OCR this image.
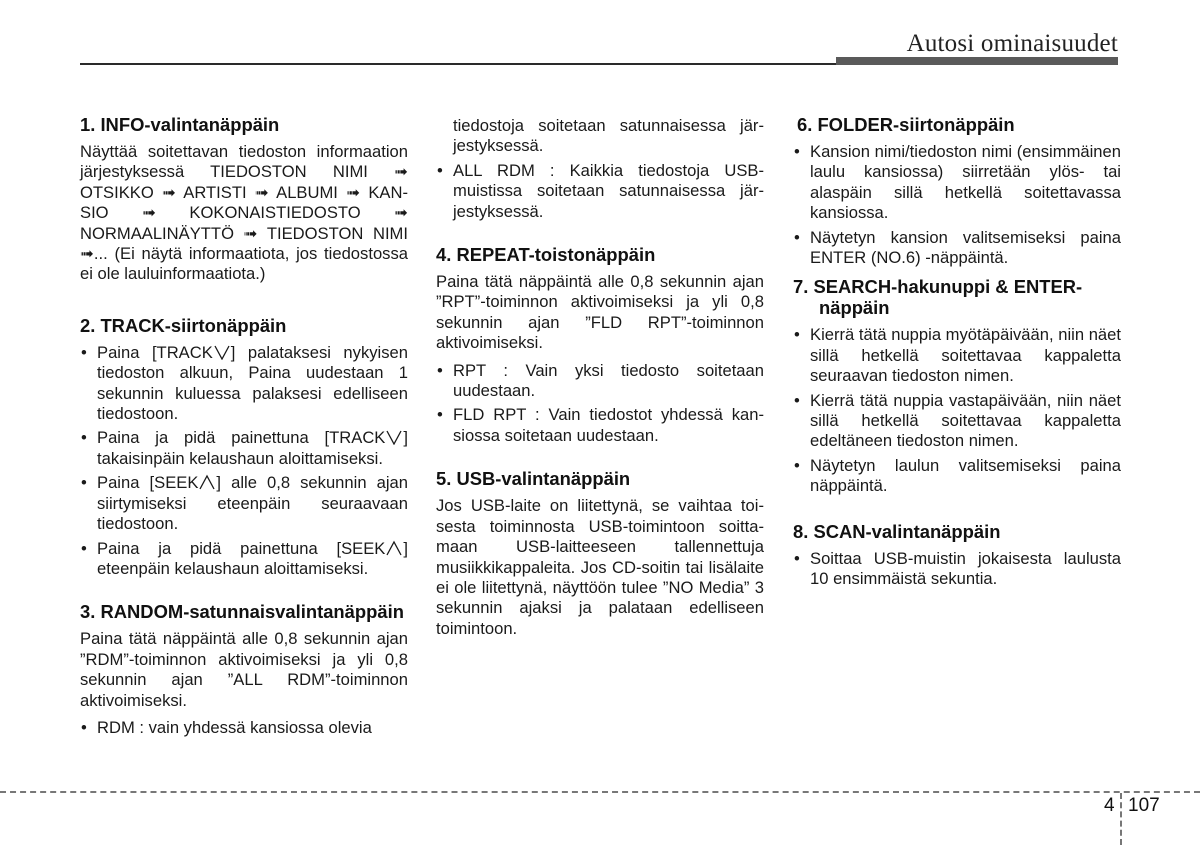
Autosi ominaisuudet
1. INFO-valintanäppäin

Näyttää soitettavan tiedoston informaation järjestyksessä TIEDOSTON NIMI ➟ OTSIKKO ➟ ARTISTI ➟ ALBUMI ➟ KANSIO ➟ KOKONAISTIEDOSTO ➟ NORMAALINÄYTTÖ ➟ TIEDOSTON NIMI ➟... (Ei näytä informaatiota, jos tiedostossa ei ole lauluinformaatiota.)

2. TRACK-siirtonäppäin
• Paina [TRACK ] palataksesi nykyisen tiedoston alkuun, Paina uudestaan 1 sekunnin kuluessa palaksesi edelliseen tiedostoon.
• Paina ja pidä painettuna [TRACK ] takaisinpäin kelaushaun aloittamiseksi.
• Paina [SEEK ] alle 0,8 sekunnin ajan siirtymiseksi eteenpäin seuraavaan tiedostoon.
• Paina ja pidä painettuna [SEEK ] eteenpäin kelaushaun aloittamiseksi.
3. RANDOM-satunnaisvalintanäppäin

Paina tätä näppäintä alle 0,8 sekunnin ajan ”RDM”-toiminnon aktivoimiseksi ja yli 0,8 sekunnin ajan ”ALL RDM”-toiminnon aktivoimiseksi.

• RDM : vain yhdessä kansiossa olevia
tiedostoja soitetaan satunnaisessa järjestyksessä.
• ALL RDM : Kaikkia tiedostoja USB-muistissa soitetaan satunnaisessa järjestyksessä.
4. REPEAT-toistonäppäin

Paina tätä näppäintä alle 0,8 sekunnin ajan ”RPT”-toiminnon aktivoimiseksi ja yli 0,8 sekunnin ajan ”FLD RPT”-toiminnon aktivoimiseksi.

• RPT : Vain yksi tiedosto soitetaan uudestaan.
• FLD RPT : Vain tiedostot yhdessä kansiossa soitetaan uudestaan.
5. USB-valintanäppäin

Jos USB-laite on liitettynä, se vaihtaa toisesta toiminnosta USB-toimintoon soittamaan USB-laitteeseen tallennettuja musiikkikappaleita. Jos CD-soitin tai lisälaite ei ole liitettynä, näyttöön tulee ”NO Media” 3 sekunnin ajaksi ja palataan edelliseen toimintoon.

6. FOLDER-siirtonäppäin
• Kansion nimi/tiedoston nimi (ensimmäinen laulu kansiossa) siirretään ylös- tai alaspäin sillä hetkellä soitettavassa kansiossa.
• Näytetyn kansion valitsemiseksi paina ENTER (NO.6) -näppäintä.
7. SEARCH-hakunuppi & ENTER-näppäin
• Kierrä tätä nuppia myötäpäivään, niin näet sillä hetkellä soitettavaa kappaletta seuraavan tiedoston nimen.
• Kierrä tätä nuppia vastapäivään, niin näet sillä hetkellä soitettavaa kappaletta edeltäneen tiedoston nimen.
• Näytetyn laulun valitsemiseksi paina näppäintä.
8. SCAN-valintanäppäin
• Soittaa USB-muistin jokaisesta laulusta 10 ensimmäistä sekuntia.
4 107
